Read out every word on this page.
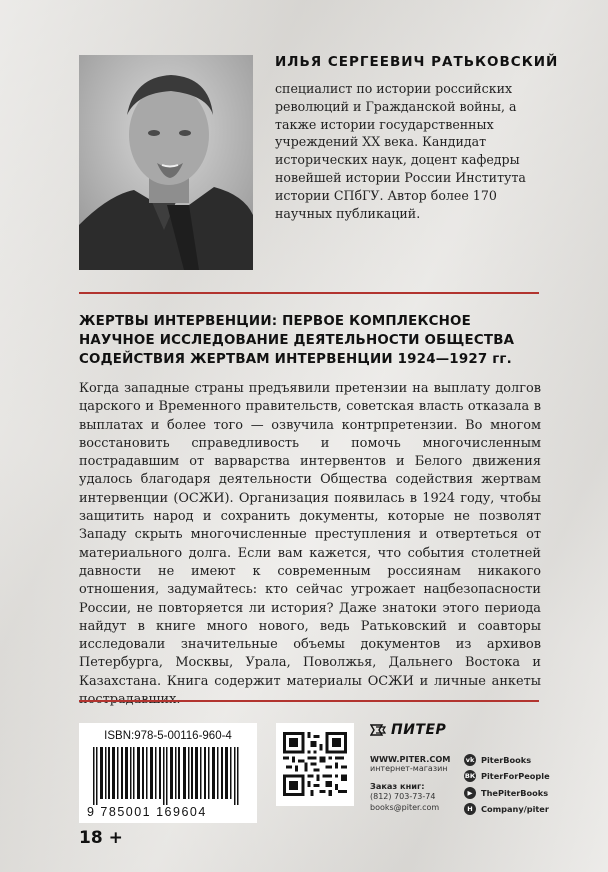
ИЛЬЯ СЕРГЕЕВИЧ РАТЬКОВСКИЙ
специалист по истории российских революций и Гражданской войны, а также истории государственных учреждений XX века. Кандидат исторических наук, доцент кафедры новейшей истории России Института истории СПбГУ. Автор более 170 научных публикаций.
ЖЕРТВЫ ИНТЕРВЕНЦИИ: ПЕРВОЕ КОМПЛЕКСНОЕ НАУЧНОЕ ИССЛЕДОВАНИЕ ДЕЯТЕЛЬНОСТИ ОБЩЕСТВА СОДЕЙСТВИЯ ЖЕРТВАМ ИНТЕРВЕНЦИИ 1924—1927 гг.
Когда западные страны предъявили претензии на выплату долгов царского и Временного правительств, советская власть отказала в выплатах и более того — озвучила контрпретензии. Во многом восстановить справедливость и помочь многочисленным пострадавшим от варварства интервентов и Белого движения удалось благодаря деятельности Общества содействия жертвам интервенции (ОСЖИ). Организация появилась в 1924 году, чтобы защитить народ и сохранить документы, которые не позволят Западу скрыть многочисленные преступления и отвертеться от материального долга. Если вам кажется, что события столетней давности не имеют к современным россиянам никакого отношения, задумайтесь: кто сейчас угрожает нацбезопасности России, не повторяется ли история? Даже знатоки этого периода найдут в книге много нового, ведь Ратьковский и соавторы исследовали значительные объемы документов из архивов Петербурга, Москвы, Урала, Поволжья, Дальнего Востока и Казахстана. Книга содержит материалы ОСЖИ и личные анкеты
ISBN:978-5-00116-960-4
9 785001 169604
ПИТЕР
WWW.PITER.COM
интернет-магазин
Заказ книг:
(812) 703-73-74
books@piter.com
vk PiterBooks
ВК PiterForPeople
▶	ThePiterBooks
H	Company/piter
18 +
